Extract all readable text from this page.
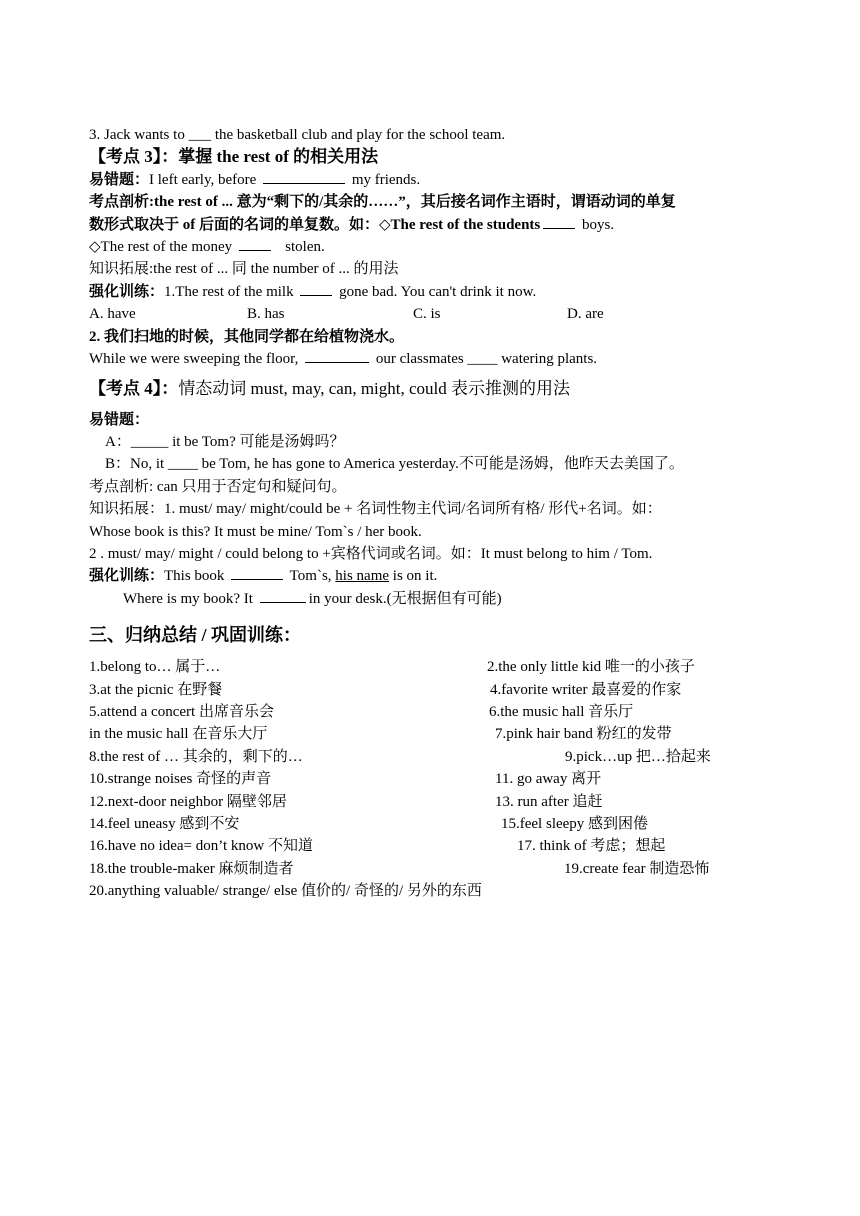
3. Jack wants to ___ the basketball club and play for the school team.
【考点 3】：掌握 the rest of 的相关用法
易错题：I left early, before	my friends.
考点剖析:the rest of ... 意为“剩下的/其余的……”，其后接名词作主语时，谓语动词的单复
数形式取决于 of 后面的名词的单复数。如：◇The rest of the students	boys.
◇The rest of the money	stolen.
知识拓展:the rest of ... 同 the number of ... 的用法
强化训练：1.The rest of the milk	gone bad. You can't drink it now.
A. have	B. has	C. is	D. are
2. 我们扫地的时候，其他同学都在给植物浇水。
While we were sweeping the floor,	our classmates ____ watering plants.
【考点 4】：情态动词 must, may, can, might, could 表示推测的用法
易错题：
A：_____ it be Tom? 可能是汤姆吗？
B：No, it ____ be Tom, he has gone to America yesterday.不可能是汤姆，他昨天去美国了。
考点剖析: can 只用于否定句和疑问句。
知识拓展：1. must/ may/ might/could be + 名词性物主代词/名词所有格/ 形代+名词。如：
Whose book is this? It must be mine/ Tom`s / her book.
2 . must/ may/ might / could belong to +宾格代词或名词。如：It must belong to him / Tom.
强化训练：This book	Tom`s, his name is on it.
Where is my book? It	in your desk.(无根据但有可能)
三、归纳总结 / 巩固训练：
1.belong to… 属于…	2.the only little kid 唯一的小孩子
3.at the picnic 在野餐	4.favorite writer 最喜爱的作家
5.attend a concert 出席音乐会	6.the music hall 音乐厅
in the music hall 在音乐大厅	7.pink hair band 粉红的发带
8.the rest of … 其余的，剩下的…	9.pick…up 把…拾起来
10.strange noises 奇怪的声音	11. go away 离开
12.next-door neighbor 隔壁邻居	13. run after 追赶
14.feel uneasy 感到不安	15.feel sleepy 感到困倦
16.have no idea= don’t know 不知道	17. think of 考虑；想起
18.the trouble-maker 麻烦制造者	19.create fear 制造恐怖
20.anything valuable/ strange/ else 值价的/ 奇怪的/ 另外的东西
